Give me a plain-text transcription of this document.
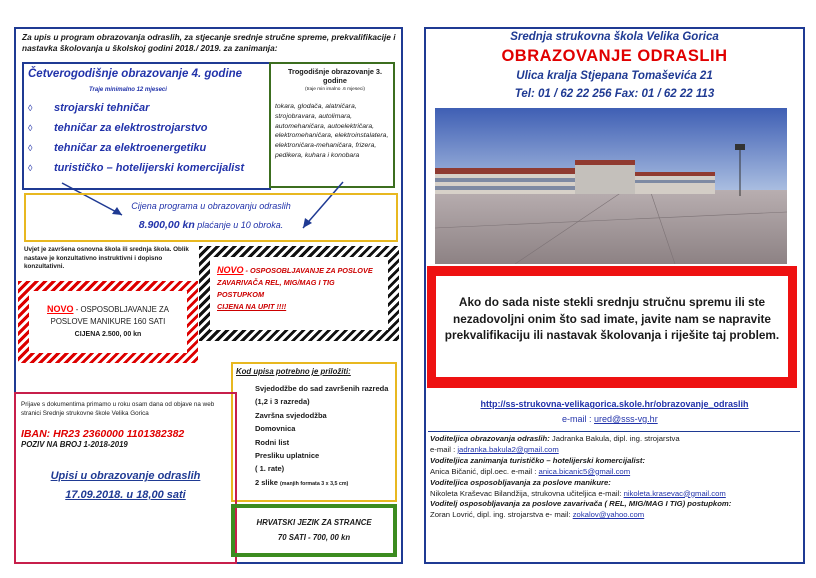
Za upis u program obrazovanja odraslih, za stjecanje srednje stručne spreme, prekvalifikacije i nastavka školovanja u školskoj godini 2018./ 2019. za zanimanja:
Četverogodišnje obrazovanje 4. godine
Traje minimalno 12 mjeseci
◊	strojarski tehničar
◊	tehničar za elektrostrojarstvo
◊	tehničar za elektroenergetiku
◊	turističko – hotelijerski komercijalist
Trogodišnje obrazovanje 3. godine
(traje min imalno .6 mjeseci)
tokara, glodača, alatničara, strojobravara, autolimara, automehaničara, autoelektričara, elektromehaničara, elektroinstalatera, elektroničara-mehaničara, frizera, pedikera, kuhara i konobara
Cijena programa u obrazovanju odraslih
8.900,00 kn plaćanje u 10 obroka.
Uvjet je završena osnovna škola ili srednja škola. Oblik nastave je konzultativno instruktivni i dopisno konzultativni.	NOVO - OSPOSOBLJAVANJE ZA POSLOVE ZAVARIVAČA REL, MIG/MAG I TIG POSTUPKOM
CIJENA NA UPIT !!!!
NOVO - OSPOSOBLJAVANJE ZA POSLOVE MANIKURE 160 SATI
CIJENA 2.500, 00 kn
Kod upisa potrebno je priložiti:
Svjedodžbe do sad završenih razreda (1,2 i 3 razreda)
Završna svjedodžba
Domovnica
Rodni list
Presliku uplatnice
( 1. rate)
2 slike (manjih formata 3 x 3,5 cm)
Prijave s dokumentima primamo u roku osam dana od objave na web stranici Srednje strukovne škole Velika Gorica
IBAN: HR23 2360000 1101382382
POZIV NA BROJ 1-2018-2019
Upisi u obrazovanje odraslih
17.09.2018. u 18,00 sati
HRVATSKI JEZIK ZA STRANCE
70 SATI - 700, 00 kn
Srednja strukovna škola Velika Gorica
OBRAZOVANJE ODRASLIH
Ulica kralja Stjepana Tomaševića 21
Tel: 01 / 62 22 256 Fax: 01 / 62 22 113
Ako do sada niste stekli srednju stručnu spremu ili ste nezadovoljni onim što sad imate, javite nam se napravite prekvalifikaciju ili nastavak školovanja i riješite taj problem.
http://ss-strukovna-velikagorica.skole.hr/obrazovanje_odraslih
e-mail : ured@sss-vg.hr
Voditeljica obrazovanja odraslih: Jadranka Bakula, dipl. ing. strojarstva
e-mail : jadranka.bakula2@gmail.com
Voditeljica zanimanja turističko – hotelijerski komercijalist:
Anica Bičanić, dipl.oec. e-mail : anica.bicanic5@gmail.com
Voditeljica osposobljavanja za poslove manikure:
Nikoleta Kraševac Bilandžija, strukovna učiteljica e-mail: nikoleta.krasevac@gmail.com
Voditelj osposobljavanja za poslove zavarivača ( REL, MIG/MAG I TIG) postupkom:
Zoran Lovrić, dipl. ing. strojarstva e- mail: zokalov@yahoo.com
